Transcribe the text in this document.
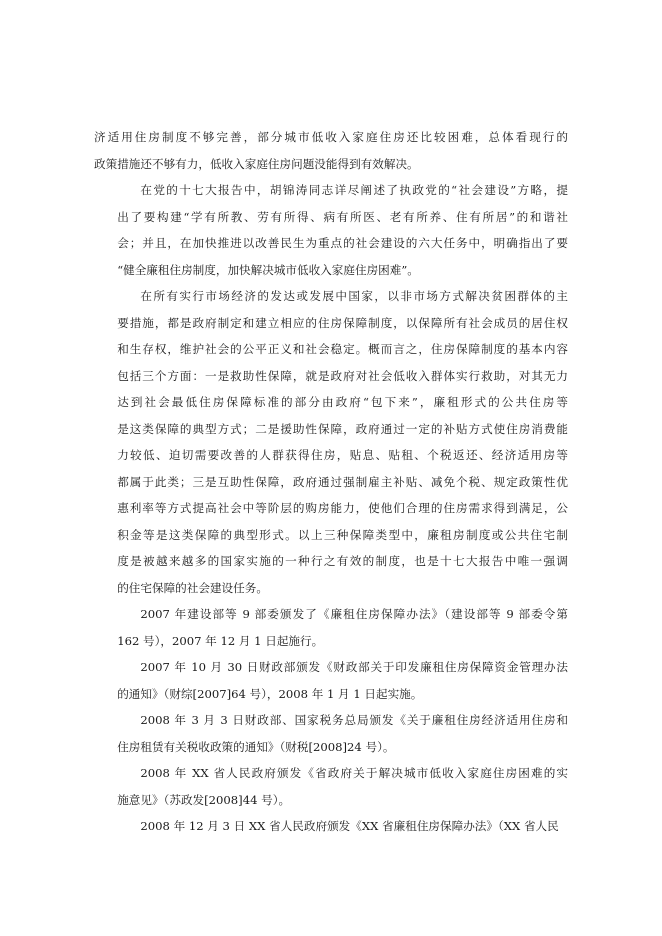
济适用住房制度不够完善，部分城市低收入家庭住房还比较困难，总体看现行的
政策措施还不够有力，低收入家庭住房问题没能得到有效解决。
在党的十七大报告中，胡锦涛同志详尽阐述了执政党的“社会建设”方略，提
出了要构建“学有所教、劳有所得、病有所医、老有所养、住有所居”的和谐社
会；并且，在加快推进以改善民生为重点的社会建设的六大任务中，明确指出了要
“健全廉租住房制度，加快解决城市低收入家庭住房困难”。
在所有实行市场经济的发达或发展中国家，以非市场方式解决贫困群体的主
要措施，都是政府制定和建立相应的住房保障制度，以保障所有社会成员的居住权
和生存权，维护社会的公平正义和社会稳定。概而言之，住房保障制度的基本内容
包括三个方面：一是救助性保障，就是政府对社会低收入群体实行救助，对其无力
达到社会最低住房保障标准的部分由政府“包下来”，廉租形式的公共住房等
是这类保障的典型方式；二是援助性保障，政府通过一定的补贴方式使住房消费能
力较低、迫切需要改善的人群获得住房，贴息、贴租、个税返还、经济适用房等
都属于此类；三是互助性保障，政府通过强制雇主补贴、减免个税、规定政策性优
惠利率等方式提高社会中等阶层的购房能力，使他们合理的住房需求得到满足，公
积金等是这类保障的典型形式。以上三种保障类型中，廉租房制度或公共住宅制
度是被越来越多的国家实施的一种行之有效的制度，也是十七大报告中唯一强调
的住宅保障的社会建设任务。
2007 年建设部等 9 部委颁发了《廉租住房保障办法》（建设部等 9 部委令第
162 号），2007 年 12 月 1 日起施行。
2007 年 10 月 30 日财政部颁发《财政部关于印发廉租住房保障资金管理办法
的通知》（财综[2007]64 号），2008 年 1 月 1 日起实施。
2008 年 3 月 3 日财政部、国家税务总局颁发《关于廉租住房经济适用住房和
住房租赁有关税收政策的通知》（财税[2008]24 号）。
2008 年 XX 省人民政府颁发《省政府关于解决城市低收入家庭住房困难的实
施意见》（苏政发[2008]44 号）。
2008 年 12 月 3 日 XX 省人民政府颁发《XX 省廉租住房保障办法》（XX 省人民
